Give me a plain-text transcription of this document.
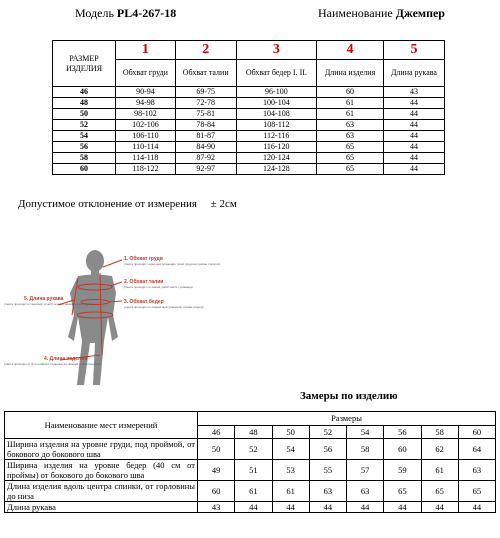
Модель PL4-267-18	Наименование Джемпер
РАЗМЕР ИЗДЕЛИЯ	1	2	3	4	5
	Обхват груди	Обхват талии	Обхват бедер I. II.	Длина изделия	Длина рукава
46	90-94	69-75	96-100	60	43
48	94-98	72-78	100-104	61	44
50	98-102	75-81	104-108	61	44
52	102-106	78-84	108-112	63	44
54	106-110	81-87	112-116	63	44
56	110-114	84-90	116-120	65	44
58	114-118	87-92	120-124	65	44
60	118-122	92-97	124-128	65	44
Допустимое отклонение от измерения ± 2см
1. Обхват груди
2. Обхват талии
3. Обхват бедер
5. Длина рукава
4. Длина изделия
(лента проходит через выступающие точки груди на уровне лопаток)
(лента проходит по самой узкой части туловища)
(лента проходит по самым выступающим точкам ягодиц)
(лента проходит от высшей точки плеча до нижнего края рукава)
(лента проходит от 6-го шейного позвонка до нижней точки изделия)
Замеры по изделию
Наименование мест измерений	Размеры							
	46	48	50	52	54	56	58	60
Ширина изделия на уровне груди, под проймой, от бокового до бокового шва	50	52	54	56	58	60	62	64
Ширина изделия на уровне бедер (40 см от проймы) от бокового до бокового шва	49	51	53	55	57	59	61	63
Длина изделия вдоль центра спинки, от горловины до низа	60	61	61	63	63	65	65	65
Длина рукава	43	44	44	44	44	44	44	44
